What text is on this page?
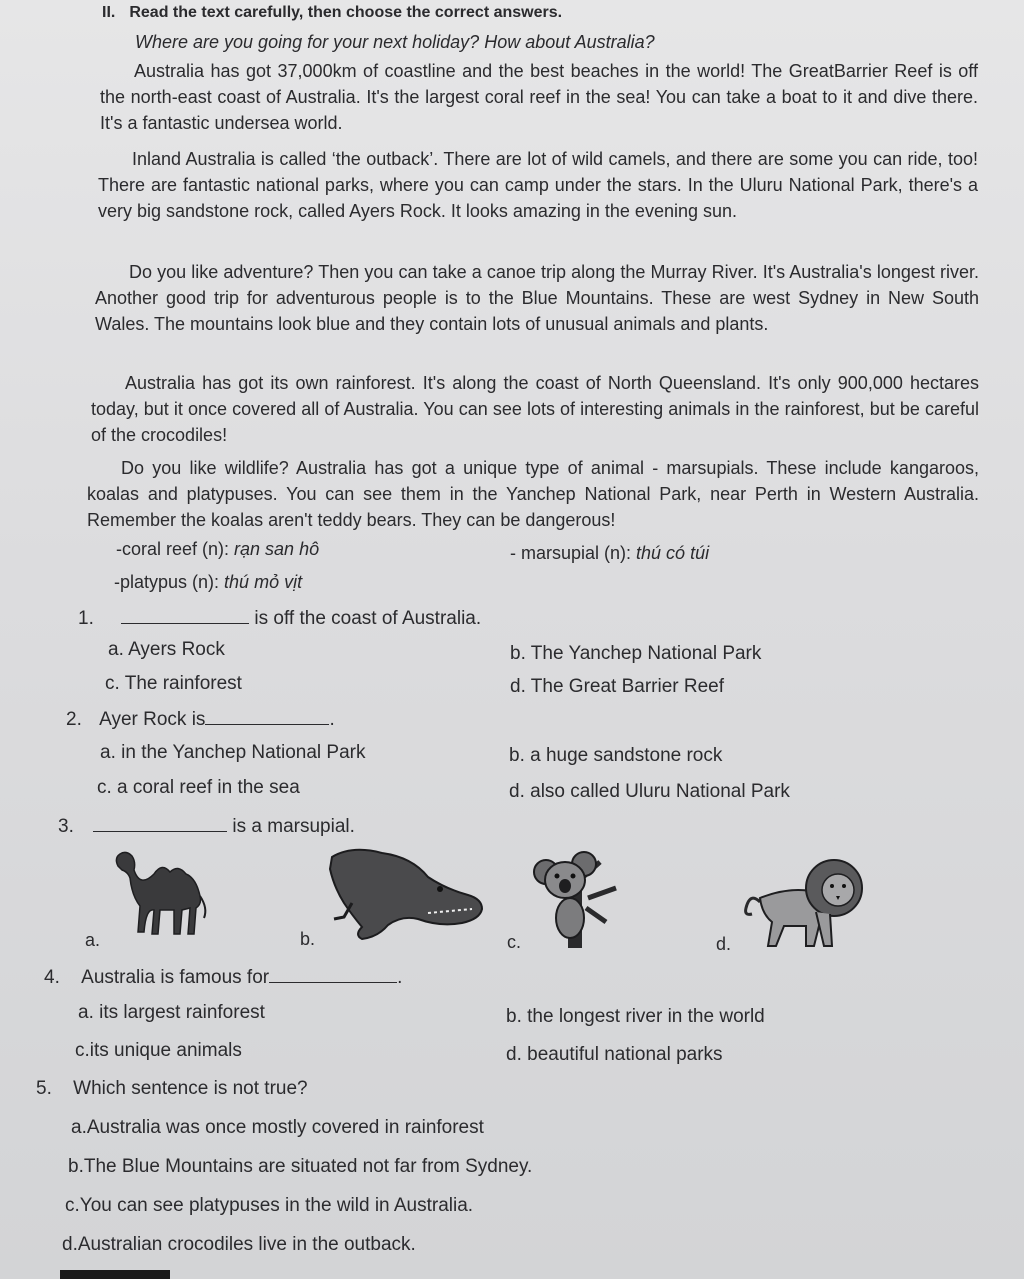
II. Read the text carefully, then choose the correct answers.
Where are you going for your next holiday? How about Australia?

Australia has got 37,000km of coastline and the best beaches in the world! The GreatBarrier Reef is off the north-east coast of Australia. It's the largest coral reef in the sea! You can take a boat to it and dive there. It's a fantastic undersea world.

Inland Australia is called ‘the outback’. There are lot of wild camels, and there are some you can ride, too! There are fantastic national parks, where you can camp under the stars. In the Uluru National Park, there's a very big sandstone rock, called Ayers Rock. It looks amazing in the evening sun.

Do you like adventure? Then you can take a canoe trip along the Murray River. It's Australia's longest river. Another good trip for adventurous people is to the Blue Mountains. These are west Sydney in New South Wales. The mountains look blue and they contain lots of unusual animals and plants.

Australia has got its own rainforest. It's along the coast of North Queensland. It's only 900,000 hectares today, but it once covered all of Australia. You can see lots of interesting animals in the rainforest, but be careful of the crocodiles!

Do you like wildlife? Australia has got a unique type of animal - marsupials. These include kangaroos, koalas and platypuses. You can see them in the Yanchep National Park, near Perth in Western Australia. Remember the koalas aren't teddy bears. They can be dangerous!

-coral reef (n): rạn san hô	- marsupial (n): thú có túi
-platypus (n): thú mỏ vịt
1.	is off the coast of Australia.
a. Ayers Rock	b. The Yanchep National Park
c. The rainforest	d. The Great Barrier Reef
2. Ayer Rock is	.
a. in the Yanchep National Park	b. a huge sandstone rock
c. a coral reef in the sea	d. also called Uluru National Park
3.	is a marsupial.
a.	b.	c.	d.
4. Australia is famous for	.
a. its largest rainforest	b. the longest river in the world
c.its unique animals	d. beautiful national parks
5. Which sentence is not true?
a.Australia was once mostly covered in rainforest
b.The Blue Mountains are situated not far from Sydney.
c.You can see platypuses in the wild in Australia.
d.Australian crocodiles live in the outback.
